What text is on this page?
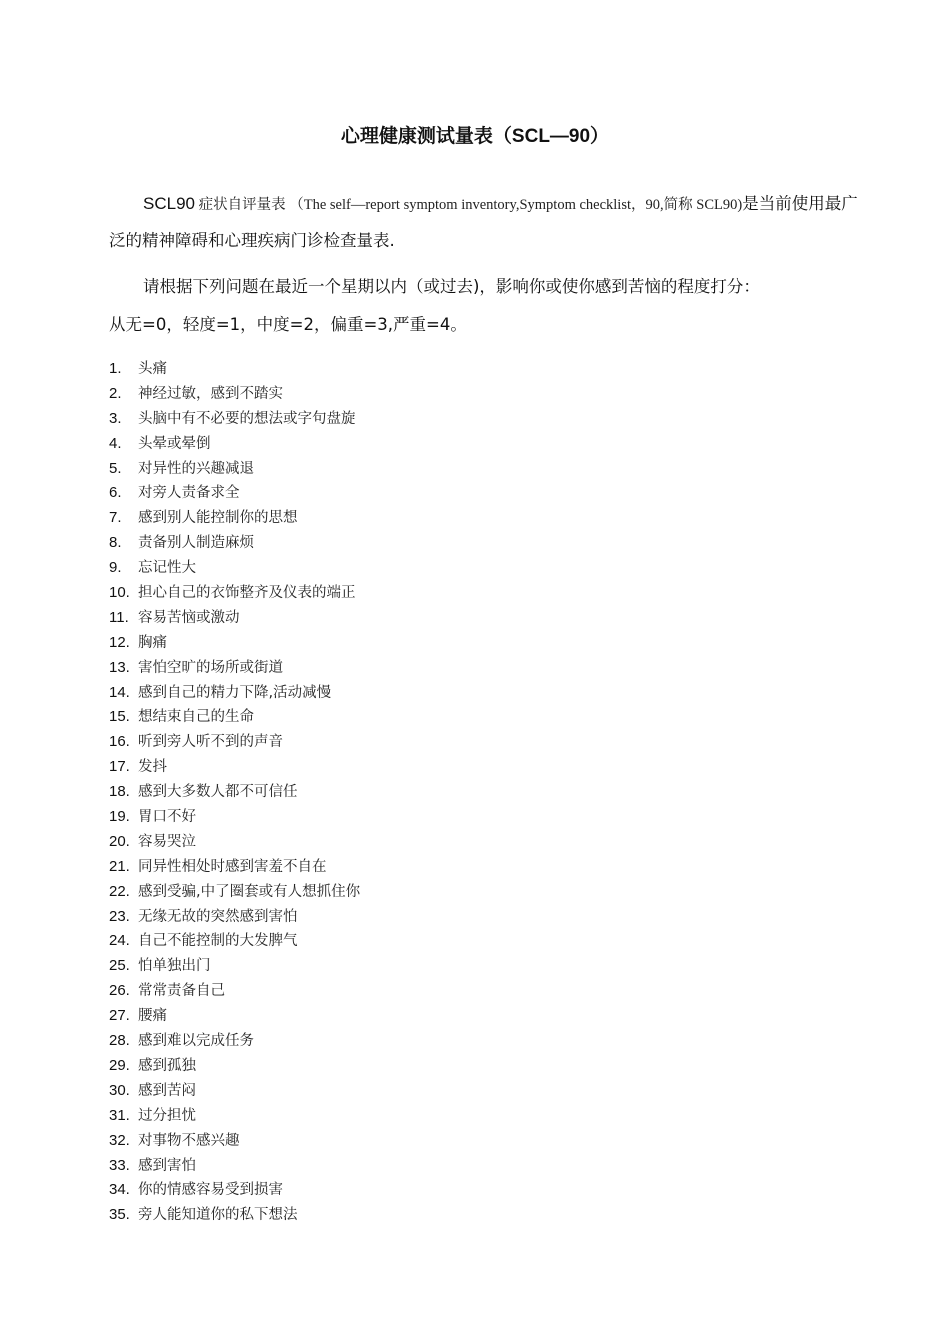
心理健康测试量表（SCL—90）
SCL90 症状自评量表 （The self—report symptom inventory,Symptom checklist，90,简称 SCL90)是当前使用最广泛的精神障碍和心理疾病门诊检查量表.
请根据下列问题在最近一个星期以内（或过去)，影响你或使你感到苦恼的程度打分：
从无=0，轻度=1，中度=2，偏重=3,严重=4。
1.	头痛
2.	神经过敏，感到不踏实
3.	头脑中有不必要的想法或字句盘旋
4.	头晕或晕倒
5.	对异性的兴趣减退
6.	对旁人责备求全
7.	感到别人能控制你的思想
8.	责备别人制造麻烦
9.	忘记性大
10. 担心自己的衣饰整齐及仪表的端正
11. 容易苦恼或激动
12. 胸痛
13. 害怕空旷的场所或街道
14. 感到自己的精力下降,活动减慢
15. 想结束自己的生命
16. 听到旁人听不到的声音
17. 发抖
18. 感到大多数人都不可信任
19. 胃口不好
20. 容易哭泣
21. 同异性相处时感到害羞不自在
22. 感到受骗,中了圈套或有人想抓住你
23. 无缘无故的突然感到害怕
24. 自己不能控制的大发脾气
25. 怕单独出门
26. 常常责备自己
27. 腰痛
28. 感到难以完成任务
29. 感到孤独
30. 感到苦闷
31. 过分担忧
32. 对事物不感兴趣
33. 感到害怕
34. 你的情感容易受到损害
35. 旁人能知道你的私下想法
